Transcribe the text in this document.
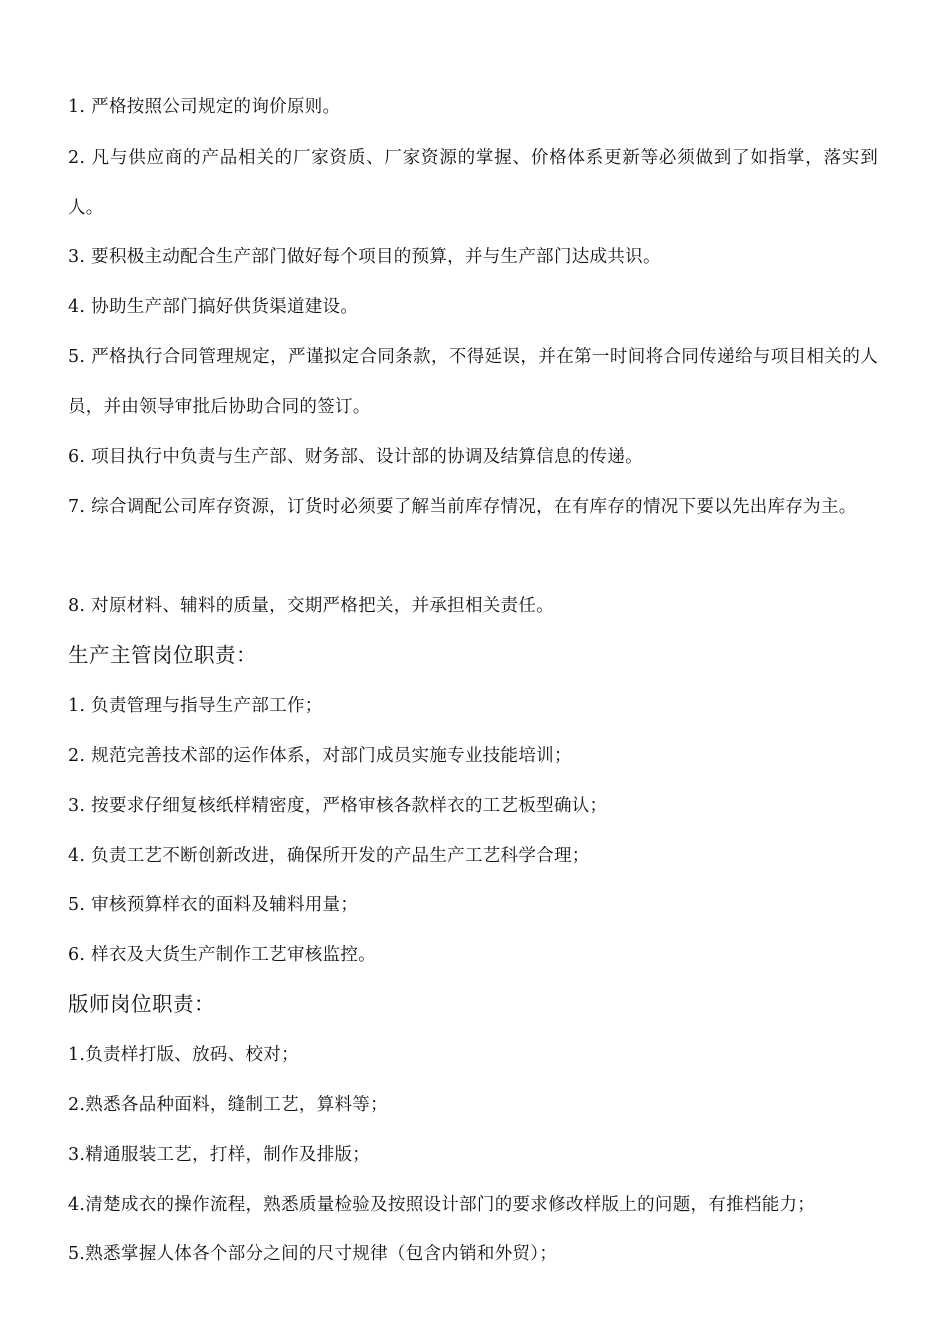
1. 严格按照公司规定的询价原则。
2. 凡与供应商的产品相关的厂家资质、厂家资源的掌握、价格体系更新等必须做到了如指掌，落实到人。
3. 要积极主动配合生产部门做好每个项目的预算，并与生产部门达成共识。
4. 协助生产部门搞好供货渠道建设。
5. 严格执行合同管理规定，严谨拟定合同条款，不得延误，并在第一时间将合同传递给与项目相关的人员，并由领导审批后协助合同的签订。
6. 项目执行中负责与生产部、财务部、设计部的协调及结算信息的传递。
7. 综合调配公司库存资源，订货时必须要了解当前库存情况，在有库存的情况下要以先出库存为主。
8. 对原材料、辅料的质量，交期严格把关，并承担相关责任。
生产主管岗位职责：
1. 负责管理与指导生产部工作；
2. 规范完善技术部的运作体系，对部门成员实施专业技能培训；
3. 按要求仔细复核纸样精密度，严格审核各款样衣的工艺板型确认；
4. 负责工艺不断创新改进，确保所开发的产品生产工艺科学合理；
5. 审核预算样衣的面料及辅料用量；
6. 样衣及大货生产制作工艺审核监控。
版师岗位职责：
1.负责样打版、放码、校对；
2.熟悉各品种面料，缝制工艺，算料等；
3.精通服装工艺，打样，制作及排版；
4.清楚成衣的操作流程，熟悉质量检验及按照设计部门的要求修改样版上的问题，有推档能力；
5.熟悉掌握人体各个部分之间的尺寸规律（包含内销和外贸）；
